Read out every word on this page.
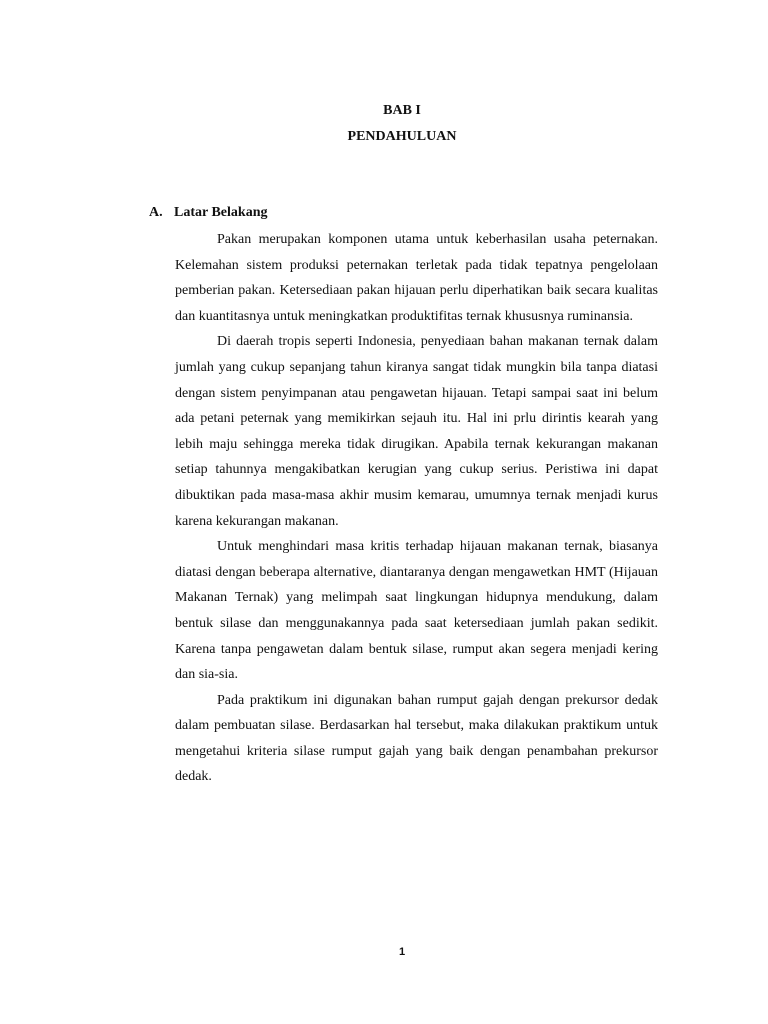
BAB I
PENDAHULUAN
A. Latar Belakang

Pakan merupakan komponen utama untuk keberhasilan usaha peternakan. Kelemahan sistem produksi peternakan terletak pada tidak tepatnya pengelolaan pemberian pakan. Ketersediaan pakan hijauan perlu diperhatikan baik secara kualitas dan kuantitasnya untuk meningkatkan produktifitas ternak khususnya ruminansia.

Di daerah tropis seperti Indonesia, penyediaan bahan makanan ternak dalam jumlah yang cukup sepanjang tahun kiranya sangat tidak mungkin bila tanpa diatasi dengan sistem penyimpanan atau pengawetan hijauan. Tetapi sampai saat ini belum ada petani peternak yang memikirkan sejauh itu. Hal ini prlu dirintis kearah yang lebih maju sehingga mereka tidak dirugikan. Apabila ternak kekurangan makanan setiap tahunnya mengakibatkan kerugian yang cukup serius. Peristiwa ini dapat dibuktikan pada masa-masa akhir musim kemarau, umumnya ternak menjadi kurus karena kekurangan makanan.

Untuk menghindari masa kritis terhadap hijauan makanan ternak, biasanya diatasi dengan beberapa alternative, diantaranya dengan mengawetkan HMT (Hijauan Makanan Ternak) yang melimpah saat lingkungan hidupnya mendukung, dalam bentuk silase dan menggunakannya pada saat ketersediaan jumlah pakan sedikit. Karena tanpa pengawetan dalam bentuk silase, rumput akan segera menjadi kering dan sia-sia.

Pada praktikum ini digunakan bahan rumput gajah dengan prekursor dedak dalam pembuatan silase. Berdasarkan hal tersebut, maka dilakukan praktikum untuk mengetahui kriteria silase rumput gajah yang baik dengan penambahan prekursor dedak.

1
